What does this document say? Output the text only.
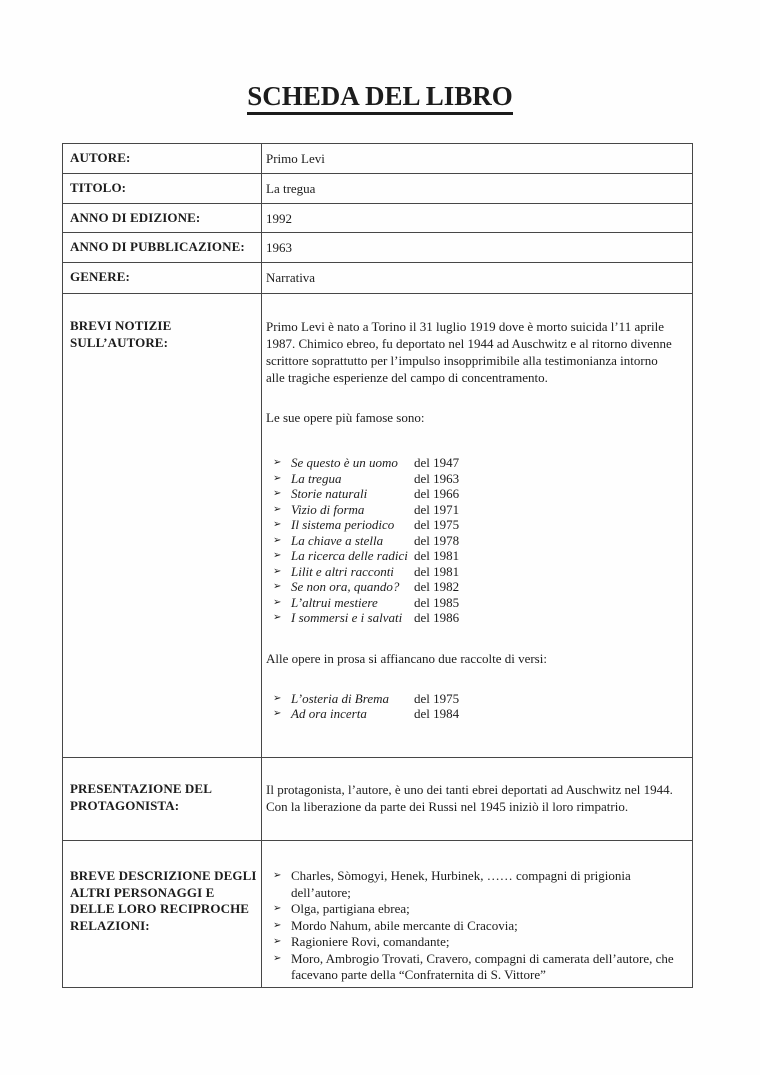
SCHEDA DEL LIBRO
AUTORE:	Primo Levi
TITOLO:	La tregua
ANNO DI EDIZIONE:	1992
ANNO DI PUBBLICAZIONE:	1963
GENERE:	Narrativa
BREVI NOTIZIE SULL’AUTORE:	

Primo Levi è nato a Torino il 31 luglio 1919 dove è morto suicida l’11 aprile 1987. Chimico ebreo, fu deportato nel 1944 ad Auschwitz e al ritorno divenne scrittore soprattutto per l’impulso insopprimibile alla testimonianza intorno alle tragiche esperienze del campo di concentramento.

Le sue opere più famose sono:

➢ Se questo è un uomo	del 1947
➢ La tregua	del 1963
➢ Storie naturali	del 1966
➢ Vizio di forma	del 1971
➢ Il sistema periodico	del 1975
➢ La chiave a stella	del 1978
➢ La ricerca delle radici del 1981
➢ Lilit e altri racconti	del 1981
➢ Se non ora, quando?	del 1982
➢ L’altrui mestiere	del 1985
➢ I sommersi e i salvati del 1986

Alle opere in prosa si affiancano due raccolte di versi:

➢ L’osteria di Brema	del 1975
➢ Ad ora incerta	del 1984

PRESENTAZIONE DEL PROTAGONISTA:	Il protagonista, l’autore, è uno dei tanti ebrei deportati ad Auschwitz nel 1944. Con la liberazione da parte dei Russi nel 1945 iniziò il loro rimpatrio.

BREVE DESCRIZIONE DEGLI ALTRI PERSONAGGI E DELLE LORO RECIPROCHE RELAZIONI:	
➢ Charles, Sòmogyi, Henek, Hurbinek, …… compagni di prigionia dell’autore;
➢ Olga, partigiana ebrea;
➢ Mordo Nahum, abile mercante di Cracovia;
➢ Ragioniere Rovi, comandante;
➢ Moro, Ambrogio Trovati, Cravero, compagni di camerata dell’autore, che facevano parte della “Confraternita di S. Vittore”
